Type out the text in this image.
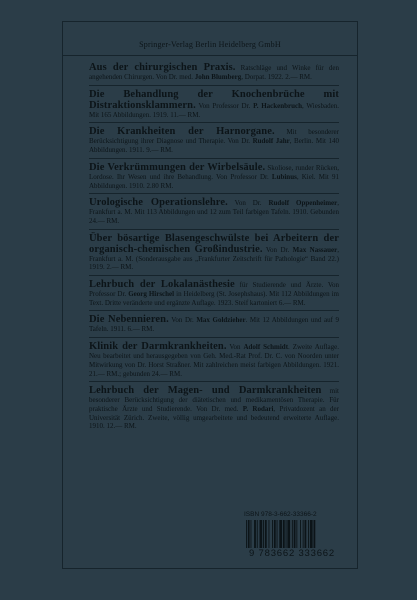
Springer-Verlag Berlin Heidelberg GmbH
Aus der chirurgischen Praxis. Ratschläge und Winke für den angehenden Chirurgen. Von Dr. med. John Blumberg, Dorpat. 1922. 2.— RM.
Die Behandlung der Knochenbrüche mit Distraktionsklammern. Von Professor Dr. P. Hackenbruch, Wiesbaden. Mit 165 Abbildungen. 1919. 11.— RM.
Die Krankheiten der Harnorgane. Mit besonderer Berücksichtigung ihrer Diagnose und Therapie. Von Dr. Rudolf Jahr, Berlin. Mit 140 Abbildungen. 1911. 9.— RM.
Die Verkrümmungen der Wirbelsäule. Skoliose, runder Rücken, Lordose. Ihr Wesen und ihre Behandlung. Von Professor Dr. Lubinus, Kiel. Mit 91 Abbildungen. 1910. 2.80 RM.
Urologische Operationslehre. Von Dr. Rudolf Oppenheimer, Frankfurt a. M. Mit 113 Abbildungen und 12 zum Teil farbigen Tafeln. 1910. Gebunden 24.— RM.
Über bösartige Blasengeschwülste bei Arbeitern der organisch-chemischen Großindustrie. Von Dr. Max Nassauer, Frankfurt a. M. (Sonderausgabe aus „Frankfurter Zeitschrift für Pathologie“ Band 22.) 1919. 2.— RM.
Lehrbuch der Lokalanästhesie für Studierende und Ärzte. Von Professor Dr. Georg Hirschel in Heidelberg (St. Josephshaus). Mit 112 Abbildungen im Text. Dritte veränderte und ergänzte Auflage. 1923. Steif kartoniert 6.— RM.
Die Nebennieren. Von Dr. Max Goldzieher. Mit 12 Abbildungen und auf 9 Tafeln. 1911. 6.— RM.
Klinik der Darmkrankheiten. Von Adolf Schmidt. Zweite Auflage. Neu bearbeitet und herausgegeben von Geh. Med.-Rat Prof. Dr. C. von Noorden unter Mitwirkung von Dr. Horst Straßner. Mit zahlreichen meist farbigen Abbildungen. 1921. 21.— RM.; gebunden 24.— RM.
Lehrbuch der Magen- und Darmkrankheiten mit besonderer Berücksichtigung der diätetischen und medikamentösen Therapie. Für praktische Ärzte und Studierende. Von Dr. med. P. Rodari, Privatdozent an der Universität Zürich. Zweite, völlig umgearbeitete und bedeutend erweiterte Auflage. 1910. 12.— RM.
ISBN 978-3-662-33366-2
9 783662 333662
